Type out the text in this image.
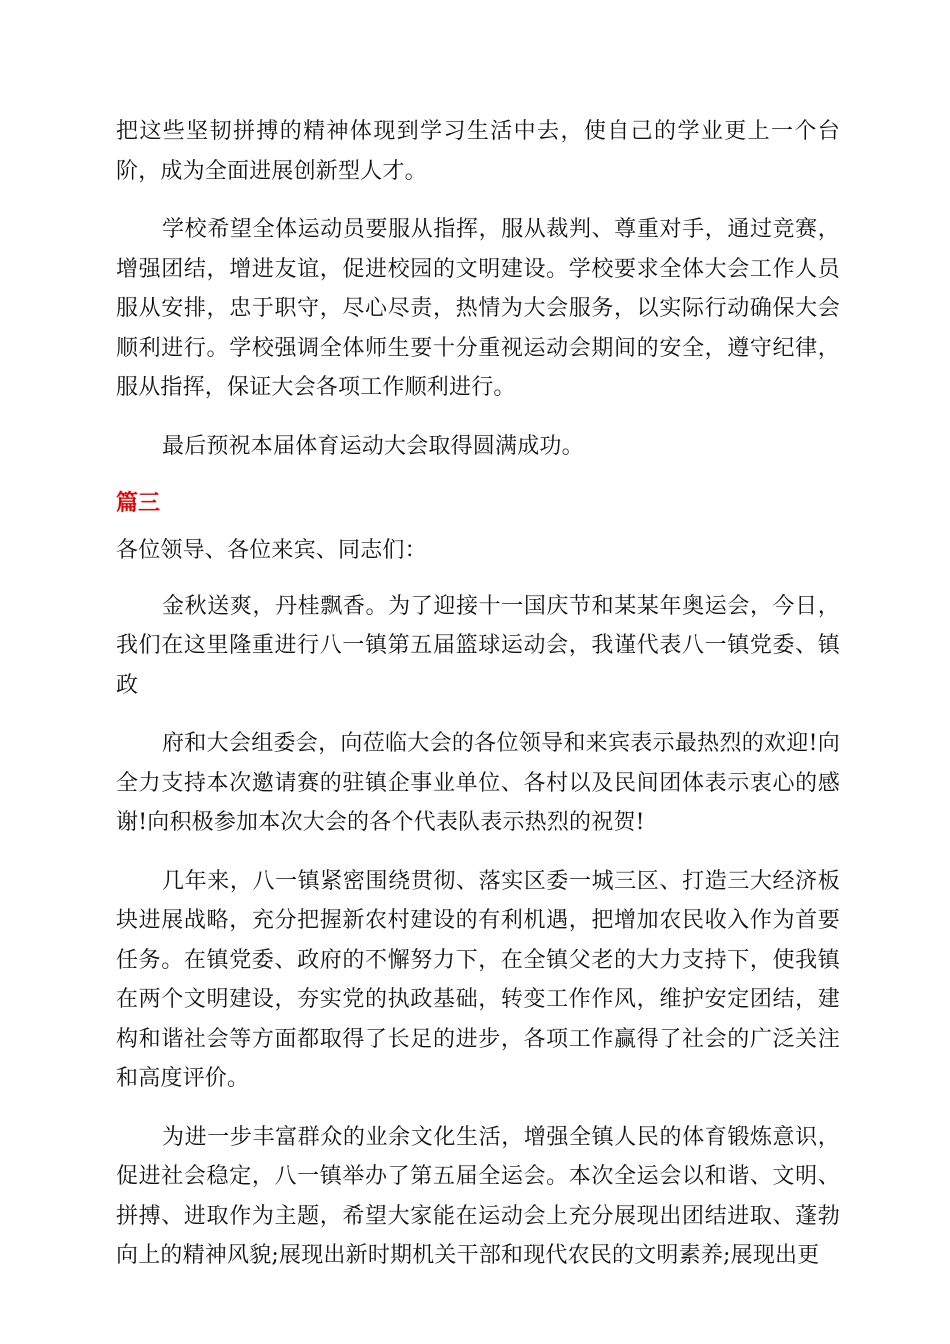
把这些坚韧拼搏的精神体现到学习生活中去，使自己的学业更上一个台阶，成为全面进展创新型人才。

学校希望全体运动员要服从指挥，服从裁判、尊重对手，通过竞赛，增强团结，增进友谊，促进校园的文明建设。学校要求全体大会工作人员服从安排，忠于职守，尽心尽责，热情为大会服务，以实际行动确保大会顺利进行。学校强调全体师生要十分重视运动会期间的安全，遵守纪律，服从指挥，保证大会各项工作顺利进行。

最后预祝本届体育运动大会取得圆满成功。

篇三

各位领导、各位来宾、同志们：

金秋送爽，丹桂飘香。为了迎接十一国庆节和某某年奥运会，今日，我们在这里隆重进行八一镇第五届篮球运动会，我谨代表八一镇党委、镇政

府和大会组委会，向莅临大会的各位领导和来宾表示最热烈的欢迎!向全力支持本次邀请赛的驻镇企事业单位、各村以及民间团体表示衷心的感谢!向积极参加本次大会的各个代表队表示热烈的祝贺!

几年来，八一镇紧密围绕贯彻、落实区委一城三区、打造三大经济板块进展战略，充分把握新农村建设的有利机遇，把增加农民收入作为首要任务。在镇党委、政府的不懈努力下，在全镇父老的大力支持下，使我镇在两个文明建设，夯实党的执政基础，转变工作作风，维护安定团结，建构和谐社会等方面都取得了长足的进步，各项工作赢得了社会的广泛关注和高度评价。

为进一步丰富群众的业余文化生活，增强全镇人民的体育锻炼意识，促进社会稳定，八一镇举办了第五届全运会。本次全运会以和谐、文明、拼搏、进取作为主题，希望大家能在运动会上充分展现出团结进取、蓬勃向上的精神风貌;展现出新时期机关干部和现代农民的文明素养;展现出更
